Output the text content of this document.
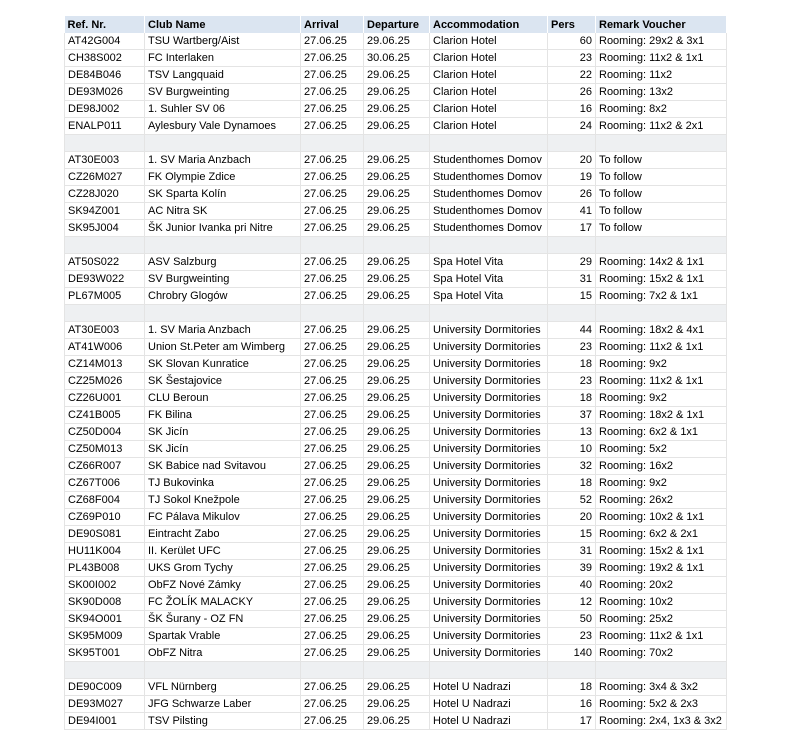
Ref. Nr.	Club Name	Arrival	Departure	Accommodation	Pers	Remark Voucher
AT42G004	TSU Wartberg/Aist	27.06.25	29.06.25	Clarion Hotel	60	Rooming: 29x2 & 3x1
CH38S002	FC Interlaken	27.06.25	30.06.25	Clarion Hotel	23	Rooming: 11x2 & 1x1
DE84B046	TSV Langquaid	27.06.25	29.06.25	Clarion Hotel	22	Rooming: 11x2
DE93M026	SV Burgweinting	27.06.25	29.06.25	Clarion Hotel	26	Rooming: 13x2
DE98J002	1. Suhler SV 06	27.06.25	29.06.25	Clarion Hotel	16	Rooming: 8x2
ENALP011	Aylesbury Vale Dynamoes	27.06.25	29.06.25	Clarion Hotel	24	Rooming: 11x2 & 2x1

AT30E003	1. SV Maria Anzbach	27.06.25	29.06.25	Studenthomes Domov	20	To follow
CZ26M027	FK Olympie Zdice	27.06.25	29.06.25	Studenthomes Domov	19	To follow
CZ28J020	SK Sparta Kolín	27.06.25	29.06.25	Studenthomes Domov	26	To follow
SK94Z001	AC Nitra SK	27.06.25	29.06.25	Studenthomes Domov	41	To follow
SK95J004	ŠK Junior Ivanka pri Nitre	27.06.25	29.06.25	Studenthomes Domov	17	To follow

AT50S022	ASV Salzburg	27.06.25	29.06.25	Spa Hotel Vita	29	Rooming: 14x2 & 1x1
DE93W022	SV Burgweinting	27.06.25	29.06.25	Spa Hotel Vita	31	Rooming: 15x2 & 1x1
PL67M005	Chrobry Glogów	27.06.25	29.06.25	Spa Hotel Vita	15	Rooming: 7x2 & 1x1

AT30E003	1. SV Maria Anzbach	27.06.25	29.06.25	University Dormitories	44	Rooming: 18x2 & 4x1
AT41W006	Union St.Peter am Wimberg	27.06.25	29.06.25	University Dormitories	23	Rooming: 11x2 & 1x1
CZ14M013	SK Slovan Kunratice	27.06.25	29.06.25	University Dormitories	18	Rooming: 9x2
CZ25M026	SK Šestajovice	27.06.25	29.06.25	University Dormitories	23	Rooming: 11x2 & 1x1
CZ26U001	CLU Beroun	27.06.25	29.06.25	University Dormitories	18	Rooming: 9x2
CZ41B005	FK Bilina	27.06.25	29.06.25	University Dormitories	37	Rooming: 18x2 & 1x1
CZ50D004	SK Jicín	27.06.25	29.06.25	University Dormitories	13	Rooming: 6x2 & 1x1
CZ50M013	SK Jicín	27.06.25	29.06.25	University Dormitories	10	Rooming: 5x2
CZ66R007	SK Babice nad Svitavou	27.06.25	29.06.25	University Dormitories	32	Rooming: 16x2
CZ67T006	TJ Bukovinka	27.06.25	29.06.25	University Dormitories	18	Rooming: 9x2
CZ68F004	TJ Sokol Knežpole	27.06.25	29.06.25	University Dormitories	52	Rooming: 26x2
CZ69P010	FC Pálava Mikulov	27.06.25	29.06.25	University Dormitories	20	Rooming: 10x2 & 1x1
DE90S081	Eintracht Zabo	27.06.25	29.06.25	University Dormitories	15	Rooming: 6x2 & 2x1
HU11K004	II. Kerület UFC	27.06.25	29.06.25	University Dormitories	31	Rooming: 15x2 & 1x1
PL43B008	UKS Grom Tychy	27.06.25	29.06.25	University Dormitories	39	Rooming: 19x2 & 1x1
SK00I002	ObFZ Nové Zámky	27.06.25	29.06.25	University Dormitories	40	Rooming: 20x2
SK90D008	FC ŽOLÍK MALACKY	27.06.25	29.06.25	University Dormitories	12	Rooming: 10x2
SK94O001	ŠK Šurany - OZ FN	27.06.25	29.06.25	University Dormitories	50	Rooming: 25x2
SK95M009	Spartak Vrable	27.06.25	29.06.25	University Dormitories	23	Rooming: 11x2 & 1x1
SK95T001	ObFZ Nitra	27.06.25	29.06.25	University Dormitories	140	Rooming: 70x2

DE90C009	VFL Nürnberg	27.06.25	29.06.25	Hotel U Nadrazi	18	Rooming: 3x4 & 3x2
DE93M027	JFG Schwarze Laber	27.06.25	29.06.25	Hotel U Nadrazi	16	Rooming: 5x2 & 2x3
DE94I001	TSV Pilsting	27.06.25	29.06.25	Hotel U Nadrazi	17	Rooming: 2x4, 1x3 & 3x2
